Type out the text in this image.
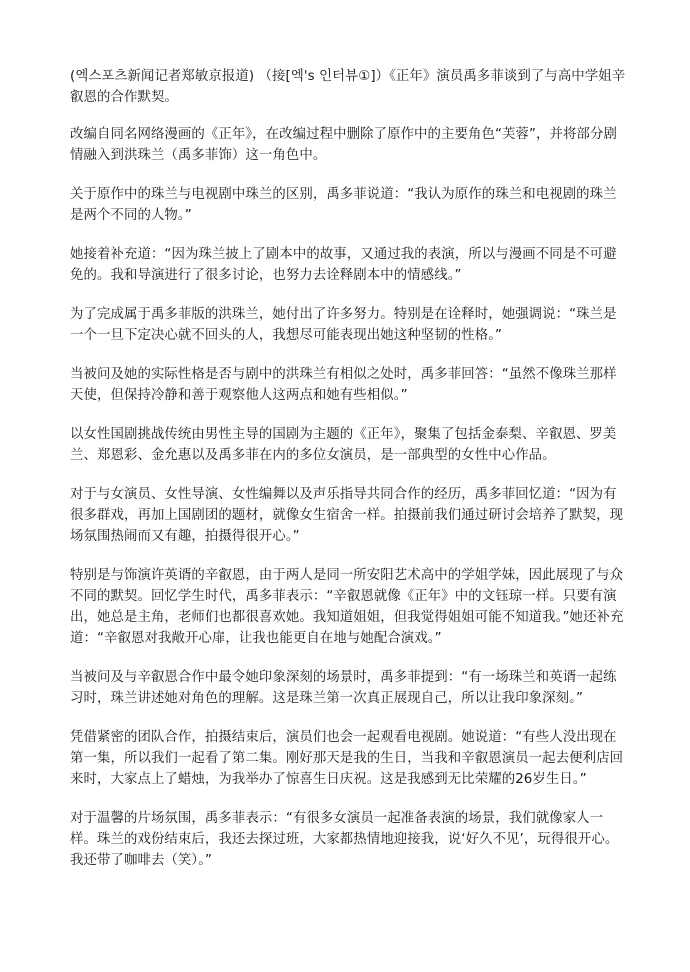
(엑스포츠新闻记者郑敏京报道) （接[엑's 인터뷰①]）《正年》演员禹多菲谈到了与高中学姐辛叡恩的合作默契。

改编自同名网络漫画的《正年》，在改编过程中删除了原作中的主要角色“芙蓉”，并将部分剧情融入到洪珠兰（禹多菲饰）这一角色中。

关于原作中的珠兰与电视剧中珠兰的区别，禹多菲说道：“我认为原作的珠兰和电视剧的珠兰是两个不同的人物。”

她接着补充道：“因为珠兰披上了剧本中的故事，又通过我的表演，所以与漫画不同是不可避免的。我和导演进行了很多讨论，也努力去诠释剧本中的情感线。”

为了完成属于禹多菲版的洪珠兰，她付出了许多努力。特别是在诠释时，她强调说：“珠兰是一个一旦下定决心就不回头的人，我想尽可能表现出她这种坚韧的性格。”

当被问及她的实际性格是否与剧中的洪珠兰有相似之处时，禹多菲回答：“虽然不像珠兰那样天使，但保持冷静和善于观察他人这两点和她有些相似。”

以女性国剧挑战传统由男性主导的国剧为主题的《正年》，聚集了包括金泰梨、辛叡恩、罗美兰、郑恩彩、金允惠以及禹多菲在内的多位女演员，是一部典型的女性中心作品。

对于与女演员、女性导演、女性编舞以及声乐指导共同合作的经历，禹多菲回忆道：“因为有很多群戏，再加上国剧团的题材，就像女生宿舍一样。拍摄前我们通过研讨会培养了默契，现场氛围热闹而又有趣，拍摄得很开心。”

特别是与饰演许英谞的辛叡恩，由于两人是同一所安阳艺术高中的学姐学妹，因此展现了与众不同的默契。回忆学生时代，禹多菲表示：“辛叡恩就像《正年》中的文钰琼一样。只要有演出，她总是主角，老师们也都很喜欢她。我知道姐姐，但我觉得姐姐可能不知道我。”她还补充道：“辛叡恩对我敞开心扉，让我也能更自在地与她配合演戏。”

当被问及与辛叡恩合作中最令她印象深刻的场景时，禹多菲提到：“有一场珠兰和英谞一起练习时，珠兰讲述她对角色的理解。这是珠兰第一次真正展现自己，所以让我印象深刻。”

凭借紧密的团队合作，拍摄结束后，演员们也会一起观看电视剧。她说道：“有些人没出现在第一集，所以我们一起看了第二集。刚好那天是我的生日，当我和辛叡恩演员一起去便利店回来时，大家点上了蜡烛，为我举办了惊喜生日庆祝。这是我感到无比荣耀的26岁生日。”

对于温馨的片场氛围，禹多菲表示：“有很多女演员一起准备表演的场景，我们就像家人一样。珠兰的戏份结束后，我还去探过班，大家都热情地迎接我，说‘好久不见’，玩得很开心。我还带了咖啡去（笑）。”
